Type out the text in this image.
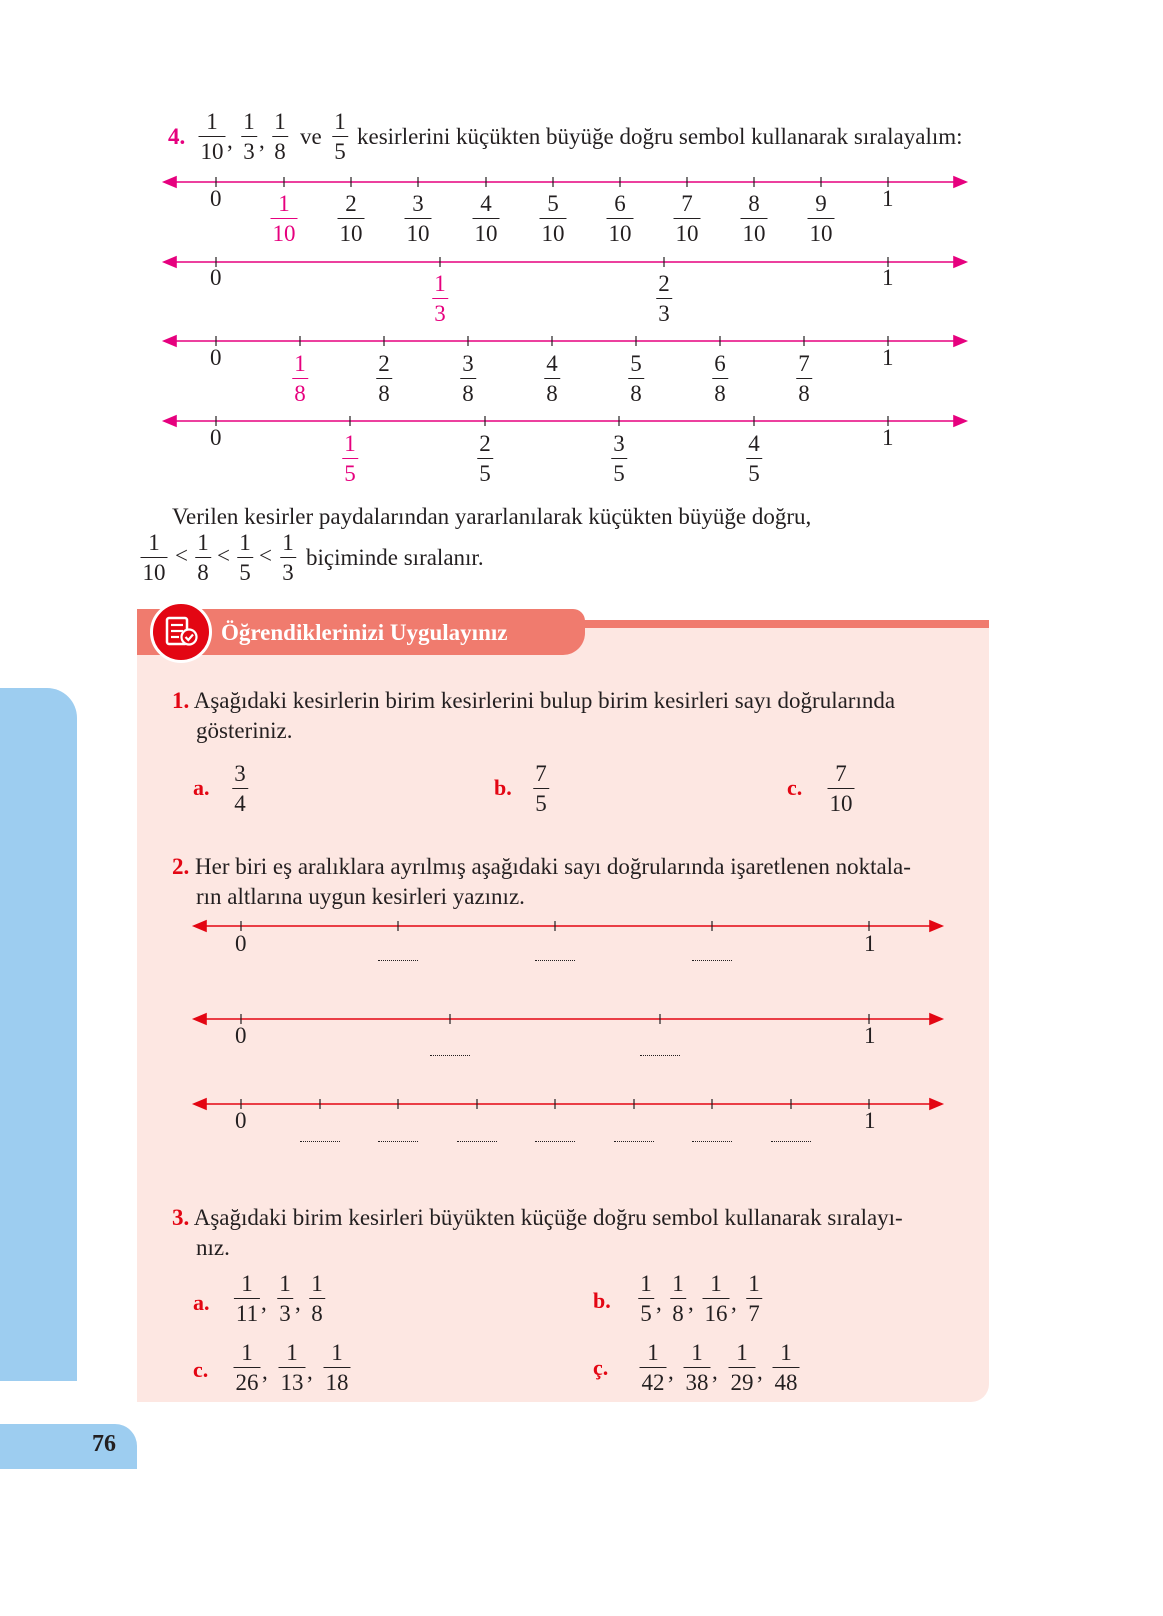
76
4. $\frac{1}{10}$ , $\frac{1}{3}$ , $\frac{1}{8}$ ve $\frac{1}{5}$ kesirlerini küçükten büyüğe doğru sembol kullanarak sıralayalım:
0	1
$\frac{1}{10} \frac{2}{10} \frac{3}{10} \frac{4}{10} \frac{5}{10} \frac{6}{10} \frac{7}{10} \frac{8}{10} \frac{9}{10}$
0	1
$\frac{1}{3}$	$\frac{2}{3}$
0	1
$\frac{1}{8}$	$\frac{2}{8}$	$\frac{3}{8}$	$\frac{4}{8}$	$\frac{5}{8}$	$\frac{6}{8}$	$\frac{7}{8}$
0	1
$\frac{1}{5}$	$\frac{2}{5}$	$\frac{3}{5}$	$\frac{4}{5}$
Verilen kesirler paydalarından yararlanılarak küçükten büyüğe doğru,
$\frac{1}{10} < \frac{1}{8} < \frac{1}{5} < \frac{1}{3}$ biçiminde sıralanır.
Öğrendiklerinizi Uygulayınız
1. Aşağıdaki kesirlerin birim kesirlerini bulup birim kesirleri sayı doğrularında
gösteriniz.
a. $\frac{3}{4}$	b. $\frac{7}{5}$	c. $\frac{7}{10}$
2. Her biri eş aralıklara ayrılmış aşağıdaki sayı doğrularında işaretlenen noktala-
rın altlarına uygun kesirleri yazınız.
0	1
0	1
0	1
3. Aşağıdaki birim kesirleri büyükten küçüğe doğru sembol kullanarak sıralayı-
nız.
a. $\frac{1}{11}$ , $\frac{1}{3}$ , $\frac{1}{8}$	b. $\frac{1}{5}$ , $\frac{1}{8}$ , $\frac{1}{16}$ , $\frac{1}{7}$
c. $\frac{1}{26}$ , $\frac{1}{13}$ , $\frac{1}{18}$	ç. $\frac{1}{42}$ , $\frac{1}{38}$ , $\frac{1}{29}$ , $\frac{1}{48}$
